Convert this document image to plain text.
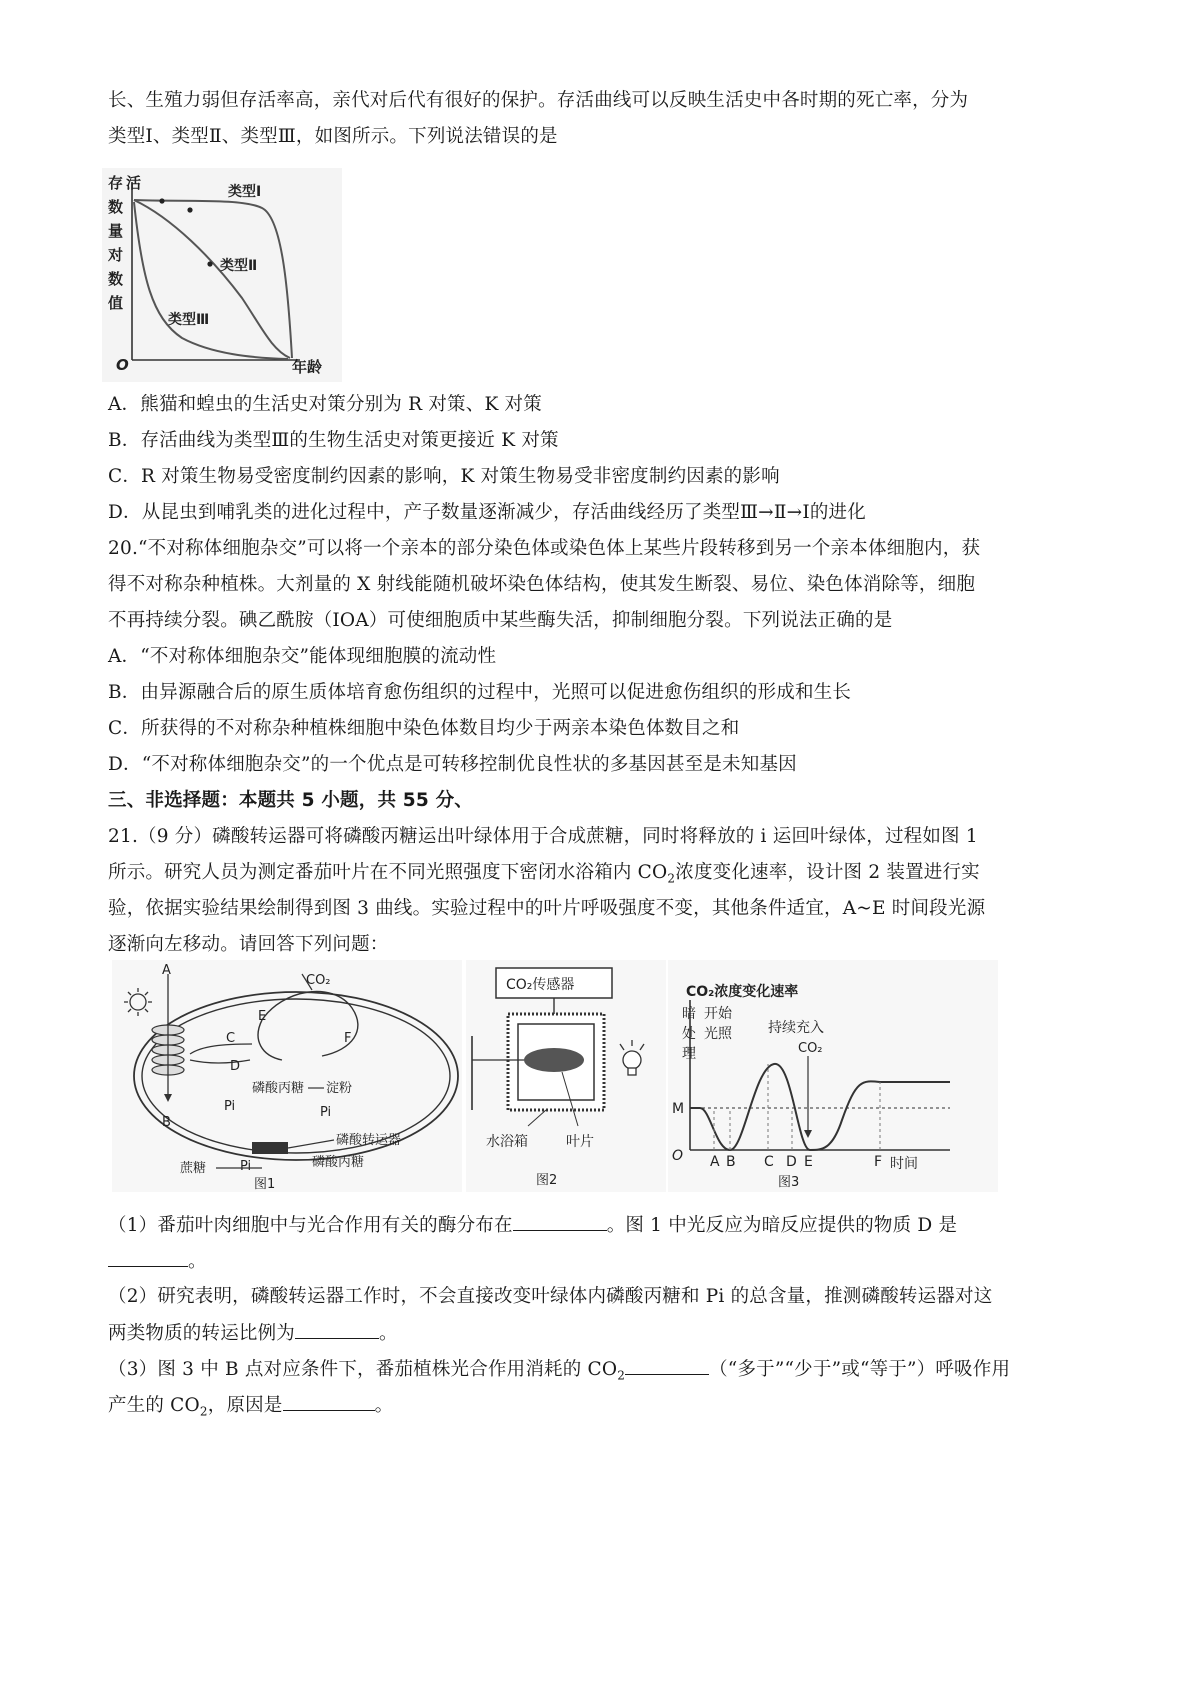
长、生殖力弱但存活率高，亲代对后代有很好的保护。存活曲线可以反映生活史中各时期的死亡率，分为
类型Ⅰ、类型Ⅱ、类型Ⅲ，如图所示。下列说法错误的是
存 活
数
量
对
数
值
O	年龄
类型Ⅰ
类型Ⅱ
类型Ⅲ
A．熊猫和蝗虫的生活史对策分别为 R 对策、K 对策
B．存活曲线为类型Ⅲ的生物生活史对策更接近 K 对策
C．R 对策生物易受密度制约因素的影响，K 对策生物易受非密度制约因素的影响
D．从昆虫到哺乳类的进化过程中，产子数量逐渐减少，存活曲线经历了类型Ⅲ→Ⅱ→Ⅰ的进化
20.“不对称体细胞杂交”可以将一个亲本的部分染色体或染色体上某些片段转移到另一个亲本体细胞内，获
得不对称杂种植株。大剂量的 X 射线能随机破坏染色体结构，使其发生断裂、易位、染色体消除等，细胞
不再持续分裂。碘乙酰胺（IOA）可使细胞质中某些酶失活，抑制细胞分裂。下列说法正确的是
A．“不对称体细胞杂交”能体现细胞膜的流动性
B．由异源融合后的原生质体培育愈伤组织的过程中，光照可以促进愈伤组织的形成和生长
C．所获得的不对称杂种植株细胞中染色体数目均少于两亲本染色体数目之和
D．“不对称体细胞杂交”的一个优点是可转移控制优良性状的多基因甚至是未知基因
三、非选择题：本题共 5 小题，共 55 分、
21.（9 分）磷酸转运器可将磷酸丙糖运出叶绿体用于合成蔗糖，同时将释放的 i 运回叶绿体，过程如图 1
所示。研究人员为测定番茄叶片在不同光照强度下密闭水浴箱内 $CO_2$浓度变化速率，设计图 2 装置进行实
验，依据实验结果绘制得到图 3 曲线。实验过程中的叶片呼吸强度不变，其他条件适宜，A~E 时间段光源
逐渐向左移动。请回答下列问题：
A
B
CO₂
E
F
C
D
磷酸丙糖 淀粉
Pi	Pi
磷酸转运器
Pi	磷酸丙糖
蔗糖
图1
CO₂传感器
水浴箱	叶片
图2
CO₂浓度变化速率
暗
处
理
开始
光照	持续充入
CO₂
M
O A B C D E	F 时间
图3
（1）番茄叶肉细胞中与光合作用有关的酶分布在	。图 1 中光反应为暗反应提供的物质 D 是
。
（2）研究表明，磷酸转运器工作时，不会直接改变叶绿体内磷酸丙糖和 Pi 的总含量，推测磷酸转运器对这
两类物质的转运比例为	。
（3）图 3 中 B 点对应条件下，番茄植株光合作用消耗的 $CO_2$	（“多于”“少于”或“等于”）呼吸作用
产生的 $CO_2$，原因是	。
